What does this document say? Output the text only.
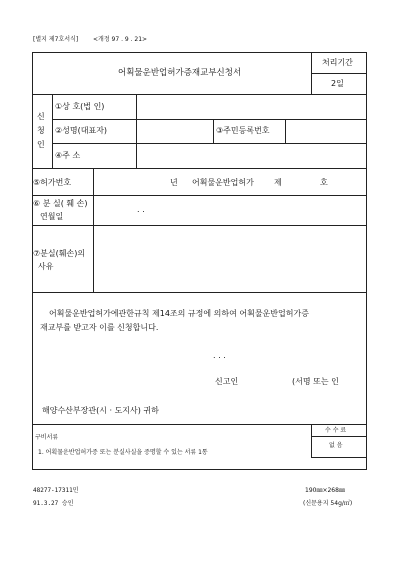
[별지 제7호서식] <개정 97 . 9 . 21>
어획물운반업허가증재교부신청서
처리기간
2일
신
청
인
①상 호(법 인)
②성명(대표자)	③주민등록번호
④주 소
⑤허가번호	년 어획물운반업허가	제	호
⑥ 분 실( 훼 손)
연월일
. .
⑦분실(훼손)의
사유
어획물운반업허가에관한규칙 제14조의 규정에 의하여 어획물운반업허가증
재교부를 받고자 이를 신청합니다.
. . .
신고인	(서명 또는 인
해양수산부장관(시 · 도지사) 귀하
구비서류
1. 어획물운반업허가증 또는 분실사실을 증명할 수 있는 서류 1통
수 수 료
없 음
48277-17311민
91.3.27 승인
190㎜×268㎜
(신문용지 54g/㎡)
